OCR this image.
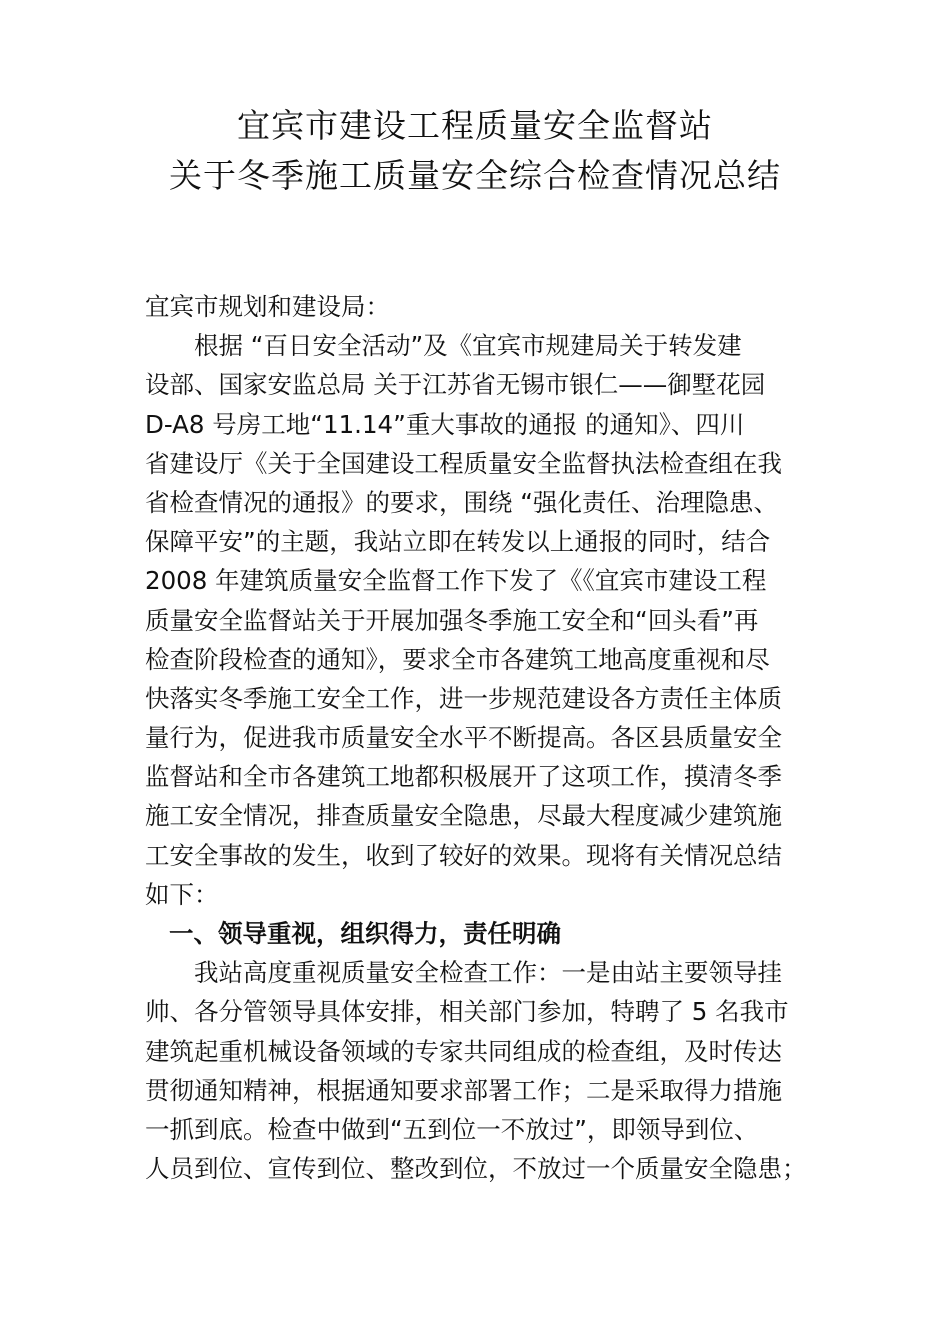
宜宾市建设工程质量安全监督站
关于冬季施工质量安全综合检查情况总结
宜宾市规划和建设局：
根据 “百日安全活动”及《宜宾市规建局关于转发建
设部、国家安监总局 关于江苏省无锡市银仁——御墅花园
D-A8 号房工地“11.14”重大事故的通报 的通知》、四川
省建设厅《关于全国建设工程质量安全监督执法检查组在我
省检查情况的通报》的要求，围绕 “强化责任、治理隐患、
保障平安”的主题，我站立即在转发以上通报的同时，结合
2008 年建筑质量安全监督工作下发了《《宜宾市建设工程
质量安全监督站关于开展加强冬季施工安全和“回头看”再
检查阶段检查的通知》，要求全市各建筑工地高度重视和尽
快落实冬季施工安全工作，进一步规范建设各方责任主体质
量行为，促进我市质量安全水平不断提高。各区县质量安全
监督站和全市各建筑工地都积极展开了这项工作，摸清冬季
施工安全情况，排查质量安全隐患，尽最大程度减少建筑施
工安全事故的发生，收到了较好的效果。现将有关情况总结
如下：
一、领导重视，组织得力，责任明确
我站高度重视质量安全检查工作：一是由站主要领导挂
帅、各分管领导具体安排，相关部门参加，特聘了 5 名我市
建筑起重机械设备领域的专家共同组成的检查组，及时传达
贯彻通知精神，根据通知要求部署工作；二是采取得力措施
一抓到底。检查中做到“五到位一不放过”，即领导到位、
人员到位、宣传到位、整改到位，不放过一个质量安全隐患；
